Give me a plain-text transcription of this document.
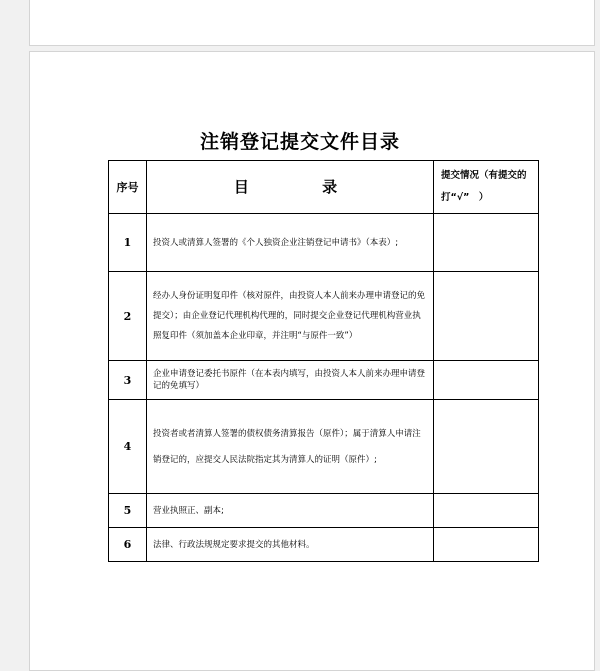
注销登记提交文件目录
序号	目 录	提交情况（有提交的打“√”　）
1	投资人或清算人签署的《个人独资企业注销登记申请书》（本表）;	
2	经办人身份证明复印件（核对原件，由投资人本人前来办理申请登记的免提交）；由企业登记代理机构代理的，同时提交企业登记代理机构营业执照复印件（须加盖本企业印章，并注明“与原件一致”）	
3	企业申请登记委托书原件（在本表内填写，由投资人本人前来办理申请登记的免填写）	
4	投资者或者清算人签署的债权债务清算报告（原件）；属于清算人申请注销登记的，应提交人民法院指定其为清算人的证明（原件）;	
5	营业执照正、副本;	
6	法律、行政法规规定要求提交的其他材料。	
